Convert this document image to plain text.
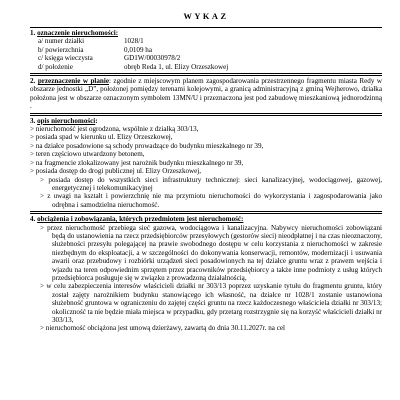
WYKAZ
1. oznaczenie nieruchomości:
a/ numer działki	1028/1
b/ powierzchnia	0,0109 ha
c/ księga wieczysta	GD1W/00030978/2
d/ położenie	obręb Reda 1, ul. Elizy Orzeszkowej
2. przeznaczenie w planie: zgodnie z miejscowym planem zagospodarowania przestrzennego fragmentu miasta Redy w obszarze jednostki „D”, położonej pomiędzy terenami kolejowymi, a granicą administracyjną z gminą Wejherowo, działka położona jest w obszarze oznaczonym symbolem 13MN/U i przeznaczona jest pod zabudowę mieszkaniową jednorodzinną .
3. opis nieruchomości:
> nieruchomość jest ogrodzona, wspólnie z działką 303/13,
> posiada spad w kierunku ul. Elizy Orzeszkowej,
> na działce posadowione są schody prowadzące do budynku mieszkalnego nr 39,
> teren częściowo utwardzony betonem,
> na fragmencie zlokalizowany jest narożnik budynku mieszkalnego nr 39,
> posiada dostęp do drogi publicznej ul. Elizy Orzeszkowej,
> posiada dostęp do wszystkich sieci infrastruktury technicznej: sieci kanalizacyjnej, wodociągowej, gazowej, energetycznej i telekomunikacyjnej
> z uwagi na kształt i powierzchnię nie ma przymiotu nieruchomości do wykorzystania i zagospodarowania jako odrębna i samodzielna nieruchomość.
4. obciążenia i zobowiązania, których przedmiotem jest nieruchomość:
> przez nieruchomość przebiega sieć gazowa, wodociągowa i kanalizacyjna. Nabywcy nieruchomości zobowiązani będą do ustanowienia na rzecz przedsiębiorców przesyłowych (gestorów sieci) nieodpłatnej i na czas nieoznaczony, służebności przesyłu polegającej na prawie swobodnego dostępu w celu korzystania z nieruchomości w zakresie niezbędnym do eksploatacji, a w szczególności do dokonywania konserwacji, remontów, modernizacji i usuwania awarii oraz przebudowy i rozbiórki urządzeń sieci posadowionych na tej działce gruntu wraz z prawem wejścia i wjazdu na teren odpowiednim sprzętem przez pracowników przedsiębiorcy a także inne podmioty z usług których przedsiębiorca posługuje się w związku z prowadzoną działalnością,
> w celu zabezpieczenia interesów właścicieli działki nr 303/13 poprzez uzyskanie tytułu do fragmentu gruntu, który został zajęty narożnikiem budynku stanowiącego ich własność, na działce nr 1028/1 zostanie ustanowiona służebność gruntowa w ograniczeniu do zajętej części gruntu na rzecz każdoczesnego właściciela działki nr 303/13; okoliczność ta nie będzie miała miejsca w przypadku, gdy przetarg rozstrzygnie się na korzyść właścicieli działki nr 303/13,
> nieruchomość obciążona jest umową dzierżawy, zawartą do dnia 30.11.2027r. na cel
